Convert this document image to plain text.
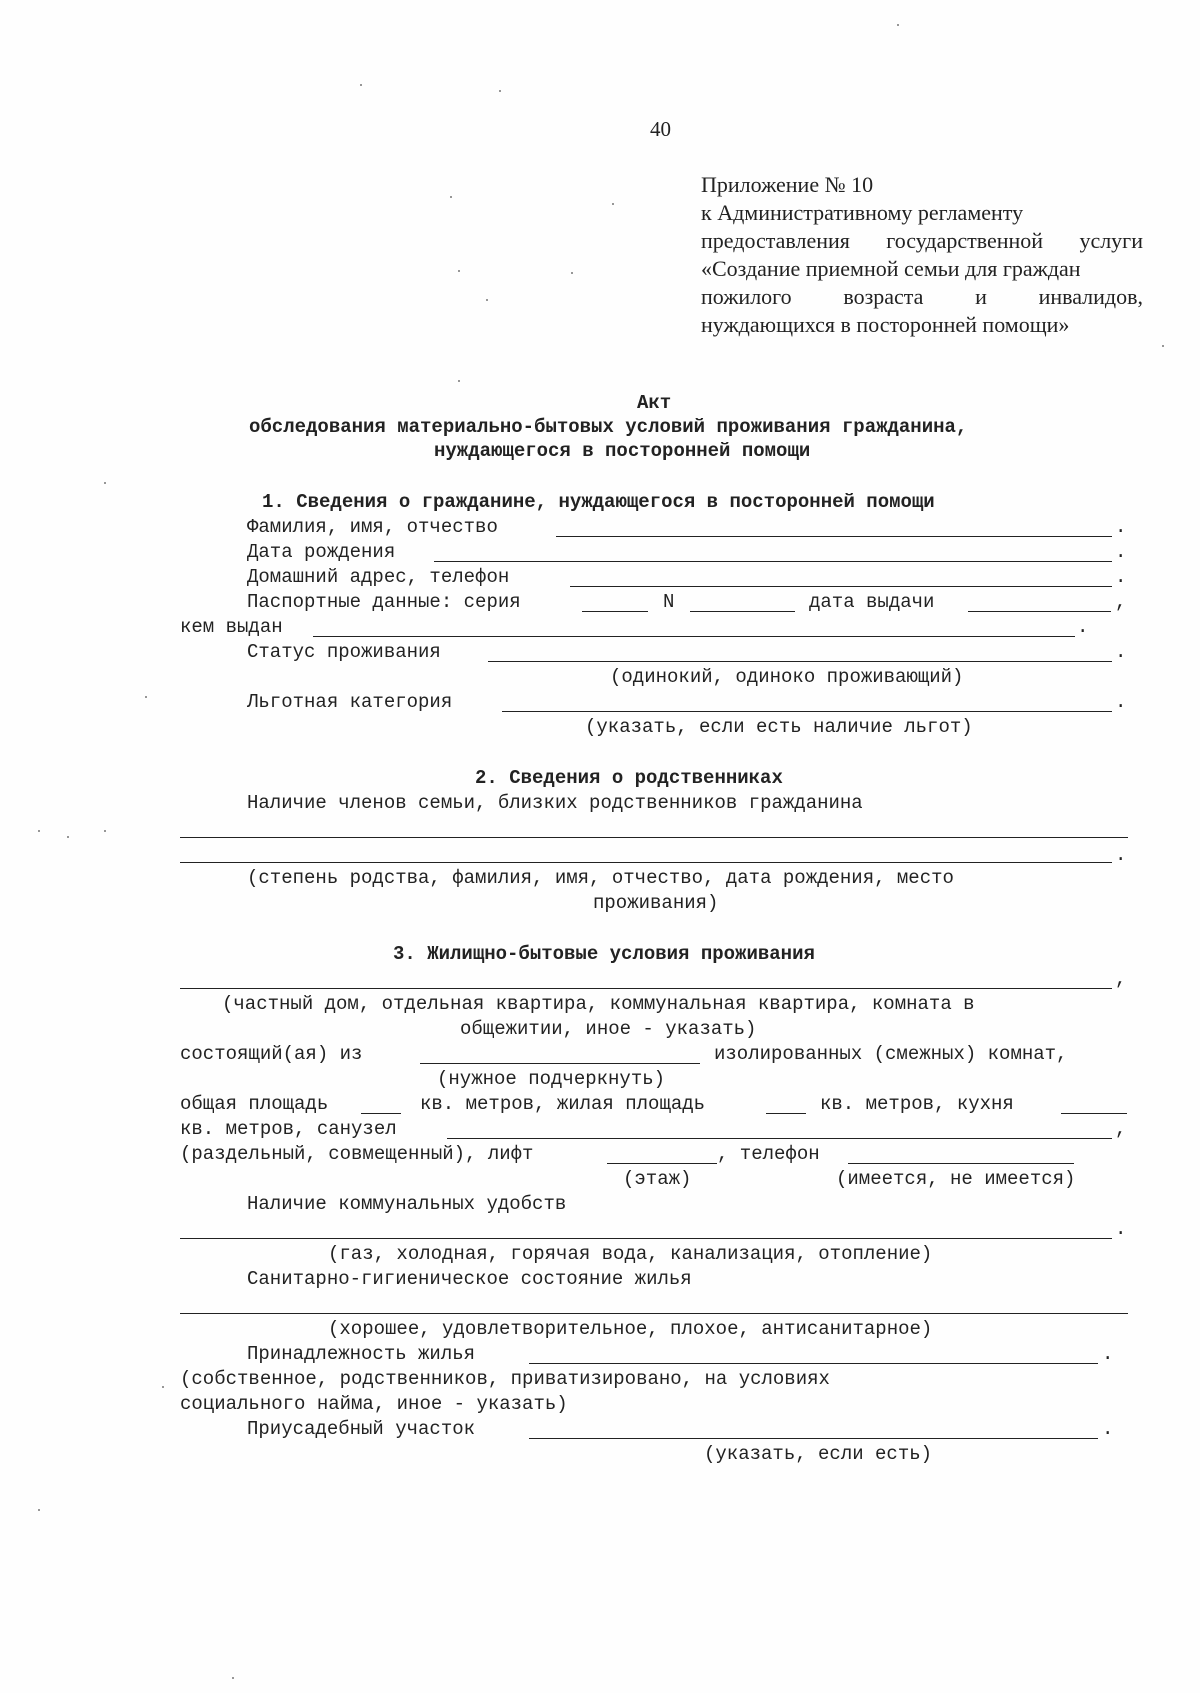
40
Приложение № 10
к Административному регламенту
предоставления государственной услуги
«Создание приемной семьи для граждан
пожилого возраста и инвалидов,
нуждающихся в посторонней помощи»
Акт
обследования материально-бытовых условий проживания гражданина,
нуждающегося в посторонней помощи
1. Сведения о гражданине, нуждающегося в посторонней помощи
Фамилия, имя, отчество	.
Дата рождения	.
Домашний адрес, телефон	.
Паспортные данные: серия	N	дата выдачи	,
кем выдан	.
Статус проживания	.
(одинокий, одиноко проживающий)
Льготная категория	.
(указать, если есть наличие льгот)
2. Сведения о родственниках
Наличие членов семьи, близких родственников гражданина
.
(степень родства, фамилия, имя, отчество, дата рождения, место
проживания)
3. Жилищно-бытовые условия проживания
,
(частный дом, отдельная квартира, коммунальная квартира, комната в
общежитии, иное - указать)
состоящий(ая) из	изолированных (смежных) комнат,
(нужное подчеркнуть)
общая площадь	кв. метров, жилая площадь	кв. метров, кухня
кв. метров, санузел	,
(раздельный, совмещенный), лифт	, телефон
(этаж)	(имеется, не имеется)
Наличие коммунальных удобств
.
(газ, холодная, горячая вода, канализация, отопление)
Санитарно-гигиеническое состояние жилья
(хорошее, удовлетворительное, плохое, антисанитарное)
Принадлежность жилья	.
(собственное, родственников, приватизировано, на условиях
социального найма, иное - указать)
Приусадебный участок	.
(указать, если есть)
